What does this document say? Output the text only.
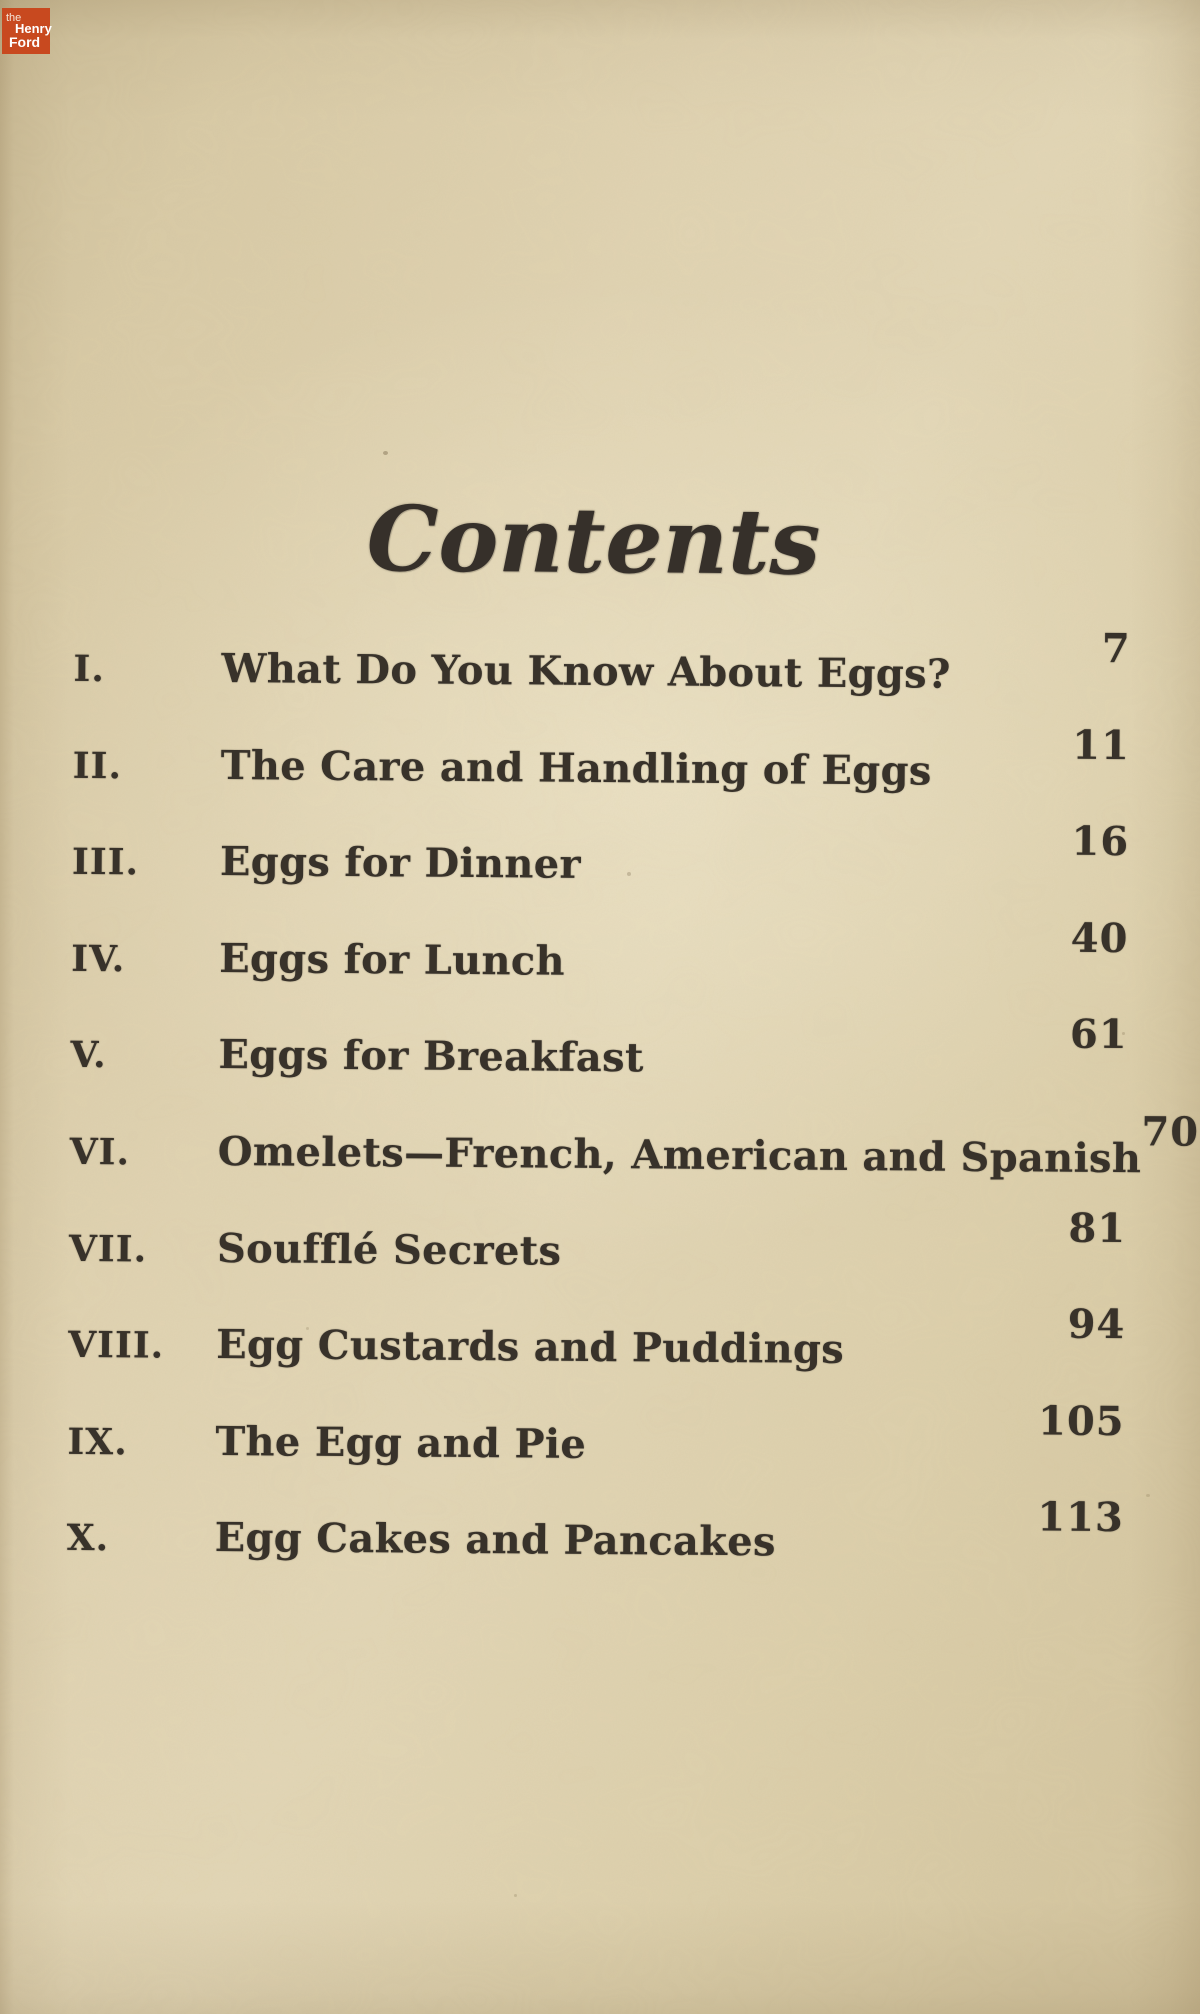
the
Henry
Ford
Contents
I.	What Do You Know About Eggs?	7
II.	The Care and Handling of Eggs	11
III.	Eggs for Dinner	16
IV.	Eggs for Lunch	40
V.	Eggs for Breakfast	61
VI.	Omelets—French, American and Spanish 70
VII.	Soufflé Secrets	81
VIII.	Egg Custards and Puddings	94
IX.	The Egg and Pie	105
X.	Egg Cakes and Pancakes	113
